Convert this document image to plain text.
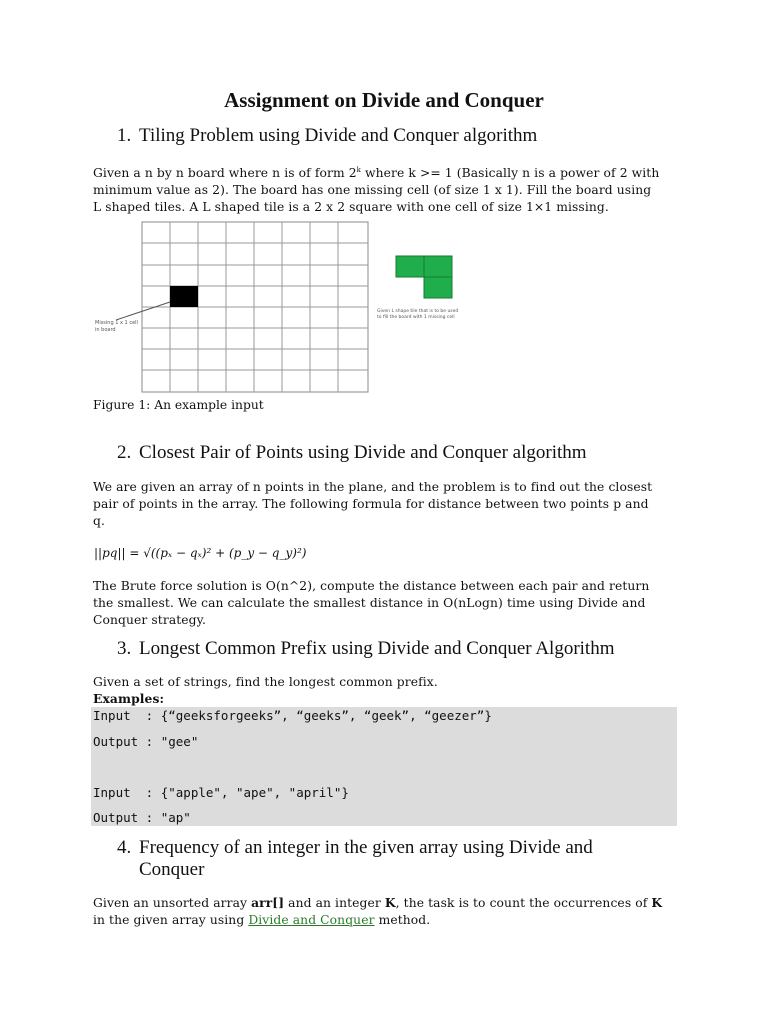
Assignment on Divide and Conquer
1. Tiling Problem using Divide and Conquer algorithm
Given a n by n board where n is of form 2$^k$ where k >= 1 (Basically n is a power of 2 with
minimum value as 2). The board has one missing cell (of size 1 x 1). Fill the board using
L shaped tiles. A L shaped tile is a 2 x 2 square with one cell of size 1×1 missing.
Missing 1 x 1 cell in board
Given L shape tile that is to be used to fill the board with 1 missing cell
Figure 1: An example input
2. Closest Pair of Points using Divide and Conquer algorithm
We are given an array of n points in the plane, and the problem is to find out the closest
pair of points in the array. The following formula for distance between two points p and
q.
||pq|| = √((pₓ − qₓ)² + (p_y − q_y)²)
The Brute force solution is O(n^2), compute the distance between each pair and return
the smallest. We can calculate the smallest distance in O(nLogn) time using Divide and
Conquer strategy.
3. Longest Common Prefix using Divide and Conquer Algorithm
Given a set of strings, find the longest common prefix.
Examples:
Input  : {“geeksforgeeks”, “geeks”, “geek”, “geezer”}
Output : "gee"
Input  : {"apple", "ape", "april"}
Output : "ap"
4. Frequency of an integer in the given array using Divide and
Conquer
Given an unsorted array arr[] and an integer K, the task is to count the occurrences of K
in the given array using Divide and Conquer method.
